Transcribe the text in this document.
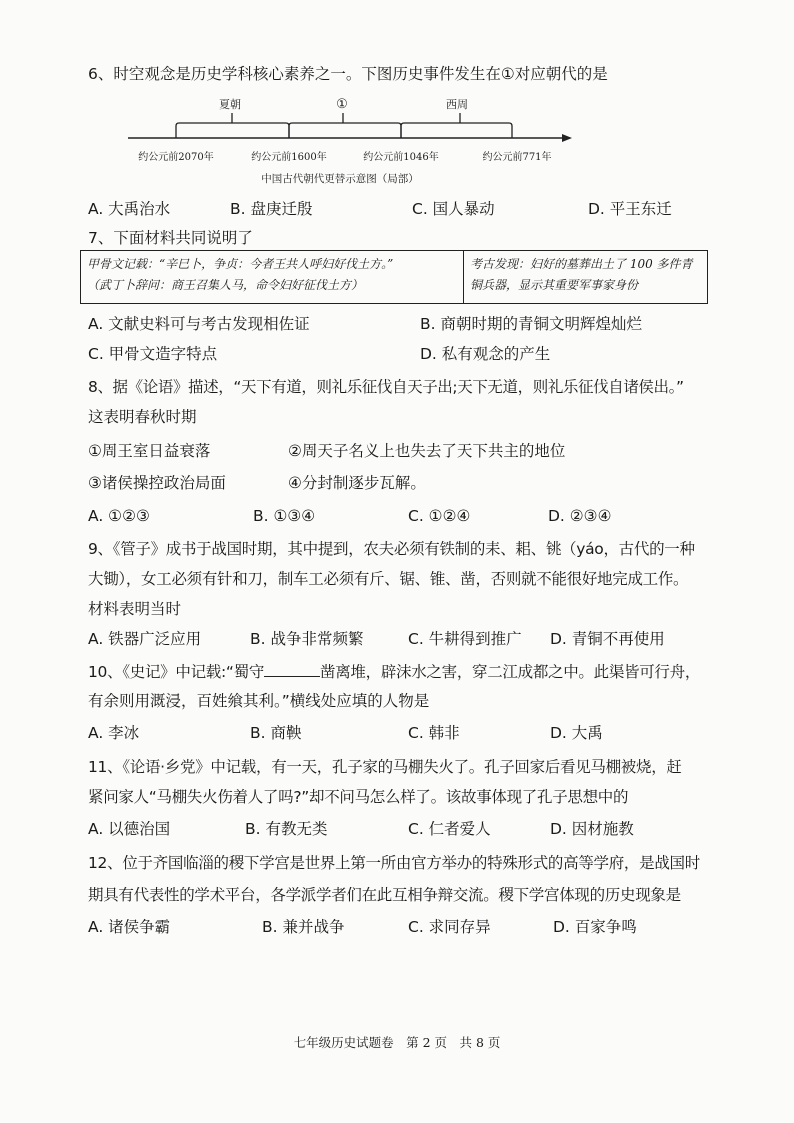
6、时空观念是历史学科核心素养之一。下图历史事件发生在①对应朝代的是
夏朝	①	西周
约公元前2070年	约公元前1600年	约公元前1046年	约公元前771年
中国古代朝代更替示意图（局部）
A. 大禹治水	B. 盘庚迁殷	C. 国人暴动	D. 平王东迁
7、下面材料共同说明了
甲骨文记载：“辛巳卜，争贞：今者王共人呼妇好伐土方。”
（武丁卜辞问：商王召集人马，命令妇好征伐土方）
考古发现：妇好的墓葬出土了 100 多件青铜兵器，显示其重要军事家身份
A. 文献史料可与考古发现相佐证	B. 商朝时期的青铜文明辉煌灿烂
C. 甲骨文造字特点	D. 私有观念的产生
8、据《论语》描述，“天下有道，则礼乐征伐自天子出;天下无道，则礼乐征伐自诸侯出。”
这表明春秋时期
①周王室日益衰落	②周天子名义上也失去了天下共主的地位
③诸侯操控政治局面	④分封制逐步瓦解。
A. ①②③	B. ①③④	C. ①②④	D. ②③④
9、《管子》成书于战国时期，其中提到，农夫必须有铁制的耒、耜、铫（yáo，古代的一种
大锄），女工必须有针和刀，制车工必须有斤、锯、锥、凿，否则就不能很好地完成工作。
材料表明当时
A. 铁器广泛应用	B. 战争非常频繁	C. 牛耕得到推广 D. 青铜不再使用
10、《史记》中记载:“蜀守	凿离堆，辟沫水之害，穿二江成都之中。此渠皆可行舟，
有余则用溉浸，百姓飨其利。”横线处应填的人物是
A. 李冰	B. 商鞅	C. 韩非	D. 大禹
11、《论语·乡党》中记载，有一天，孔子家的马棚失火了。孔子回家后看见马棚被烧，赶
紧问家人“马棚失火伤着人了吗?”却不问马怎么样了。该故事体现了孔子思想中的
A. 以德治国	B. 有教无类	C. 仁者爱人	D. 因材施教
12、位于齐国临淄的稷下学宫是世界上第一所由官方举办的特殊形式的高等学府，是战国时
期具有代表性的学术平台，各学派学者们在此互相争辩交流。稷下学宫体现的历史现象是
A. 诸侯争霸	B. 兼并战争	C. 求同存异	D. 百家争鸣
七年级历史试题卷　第 2 页　共 8 页
